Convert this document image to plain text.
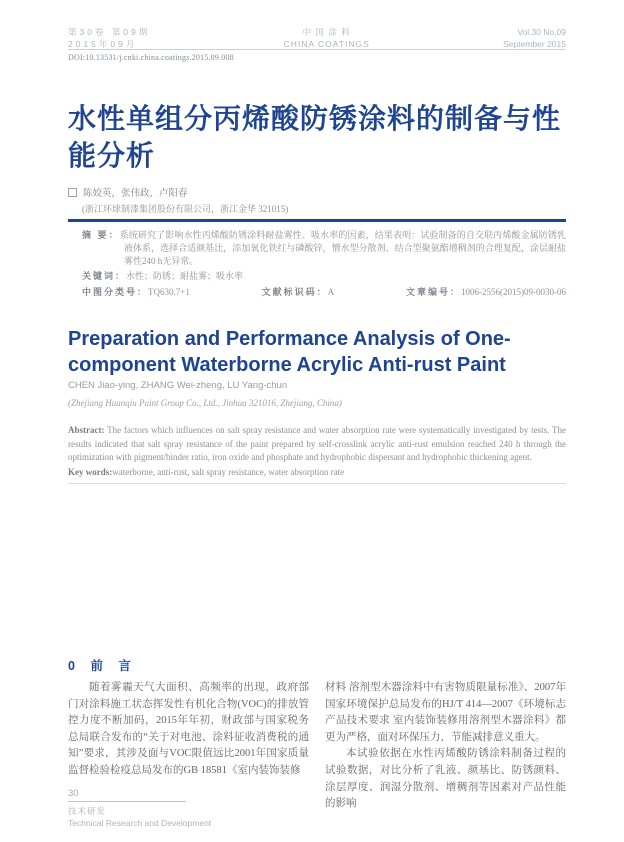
第30卷 第09期
2015年09月
中 国 涂 料
CHINA COATINGS
Vol.30 No.09
September 2015
DOI:10.13531/j.cnki.china.coatings.2015.09.008
水性单组分丙烯酸防锈涂料的制备与性能分析
陈姣英，张伟政，卢阳春
(浙江环球制漆集团股份有限公司，浙江金华 321015)

摘 要：系统研究了影响水性丙烯酸防锈涂料耐盐雾性、吸水率的因素，结果表明：试验制备的自交联丙烯酸金属防锈乳液体系，选择合适颜基比，添加氧化铁红与磷酸锌，憎水型分散剂、结合型聚氨酯增稠剂的合理复配，涂层耐盐雾性240 h无异常。

关键词：水性；防锈；耐盐雾；吸水率
中图分类号：TQ630.7+1	文献标识码：A	文章编号：1006-2556(2015)09-0030-06
Preparation and Performance Analysis of One-component Waterborne Acrylic Anti-rust Paint
CHEN Jiao-ying, ZHANG Wei-zheng, LU Yang-chun
(Zhejiang Huanqiu Paint Group Co., Ltd., Jinhua 321016, Zhejiang, China)

Abstract: The factors which influences on salt spray resistance and water absorption rate were systematically investigated by tests. The results indicated that salt spray resistance of the paint prepared by self-crosslink acrylic anti-rust emulsion reached 240 h through the optimization with pigment/binder ratio, iron oxide and phosphate and hydrophobic dispersant and hydrophobic thickening agent.

Key words:waterborne, anti-rust, salt spray resistance, water absorption rate
0 前 言

随着雾霾天气大面积、高频率的出现，政府部门对涂料施工状态挥发性有机化合物(VOC)的排放管控力度不断加码，2015年年初，财政部与国家税务总局联合发布的“关于对电池、涂料征收消费税的通知”要求，其涉及面与VOC限值远比2001年国家质量监督检验检疫总局发布的GB 18581《室内装饰装修

材料 溶剂型木器涂料中有害物质限量标准》、2007年国家环境保护总局发布的HJ/T 414—2007《环境标志产品技术要求 室内装饰装修用溶剂型木器涂料》都更为严格，面对环保压力，节能减排意义重大。

本试验依据在水性丙烯酸防锈涂料制备过程的试验数据，对比分析了乳液、颜基比、防锈颜料、涂层厚度、润湿分散剂、增稠剂等因素对产品性能的影响

30
技术研发
Technical Research and Development
